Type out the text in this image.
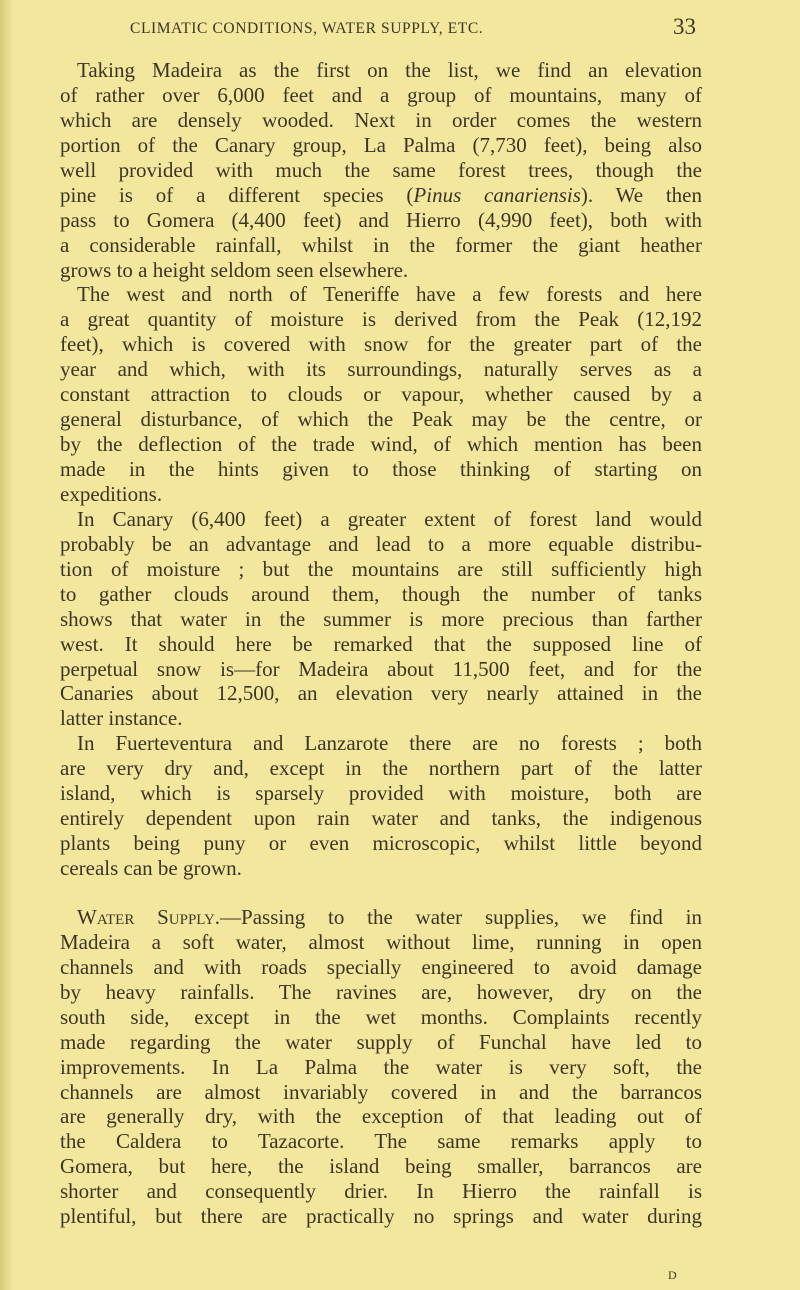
CLIMATIC CONDITIONS, WATER SUPPLY, ETC.	33
Taking Madeira as the first on the list, we find an elevation
of rather over 6,000 feet and a group of mountains, many of
which are densely wooded. Next in order comes the western
portion of the Canary group, La Palma (7,730 feet), being also
well provided with much the same forest trees, though the
pine is of a different species (Pinus canariensis). We then
pass to Gomera (4,400 feet) and Hierro (4,990 feet), both with
a considerable rainfall, whilst in the former the giant heather
grows to a height seldom seen elsewhere.
The west and north of Teneriffe have a few forests and here
a great quantity of moisture is derived from the Peak (12,192
feet), which is covered with snow for the greater part of the
year and which, with its surroundings, naturally serves as a
constant attraction to clouds or vapour, whether caused by a
general disturbance, of which the Peak may be the centre, or
by the deflection of the trade wind, of which mention has been
made in the hints given to those thinking of starting on
expeditions.
In Canary (6,400 feet) a greater extent of forest land would
probably be an advantage and lead to a more equable distribu-
tion of moisture ; but the mountains are still sufficiently high
to gather clouds around them, though the number of tanks
shows that water in the summer is more precious than farther
west. It should here be remarked that the supposed line of
perpetual snow is—for Madeira about 11,500 feet, and for the
Canaries about 12,500, an elevation very nearly attained in the
latter instance.
In Fuerteventura and Lanzarote there are no forests ; both
are very dry and, except in the northern part of the latter
island, which is sparsely provided with moisture, both are
entirely dependent upon rain water and tanks, the indigenous
plants being puny or even microscopic, whilst little beyond
cereals can be grown.
Water Supply.—Passing to the water supplies, we find in
Madeira a soft water, almost without lime, running in open
channels and with roads specially engineered to avoid damage
by heavy rainfalls. The ravines are, however, dry on the
south side, except in the wet months. Complaints recently
made regarding the water supply of Funchal have led to
improvements. In La Palma the water is very soft, the
channels are almost invariably covered in and the barrancos
are generally dry, with the exception of that leading out of
the Caldera to Tazacorte. The same remarks apply to
Gomera, but here, the island being smaller, barrancos are
shorter and consequently drier. In Hierro the rainfall is
plentiful, but there are practically no springs and water during
D
